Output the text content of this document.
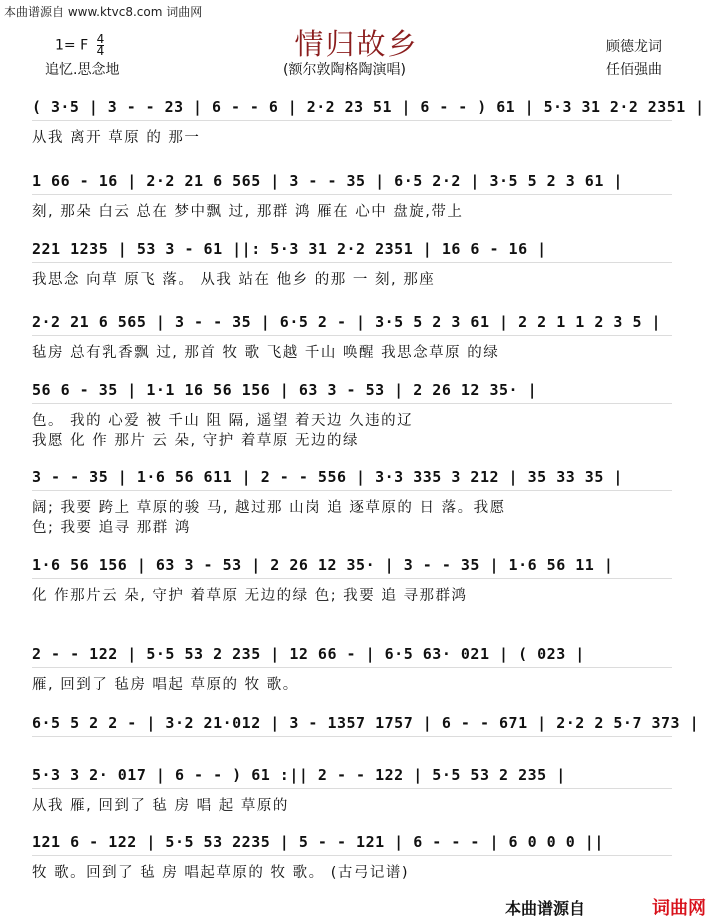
本曲谱源自 www.ktvc8.com 词曲网
情归故乡
1= F $\frac{4}{4}$	顾德龙词
任佰强曲
追忆.思念地	(额尔敦陶格陶演唱)
( 3·5 | 3 - - 23 | 6 - - 6 | 2·2 23 51 | 6 - - ) 61 | 5·3 31 2·2 2351 |
从我 离开 草原 的 那一
1 66 - 16 | 2·2 21 6 565 | 3 - - 35 | 6·5 2·2 | 3·5 5 2 3 61 |
刻, 那朵 白云 总在 梦中飘 过, 那群 鸿 雁在 心中 盘旋,带上
221 1235 | 53 3 - 61 ||: 5·3 31 2·2 2351 | 16 6 - 16 |
我思念 向草 原飞 落。 从我 站在 他乡 的那 一 刻, 那座
2·2 21 6 565 | 3 - - 35 | 6·5 2 - | 3·5 5 2 3 61 | 2 2 1 1 2 3 5 |
毡房 总有乳香飘 过, 那首 牧 歌 飞越 千山 唤醒 我思念草原 的绿
56 6 - 35 | 1·1 16 56 156 | 63 3 - 53 | 2 26 12 35· |
色。 我的 心爱 被 千山 阻 隔, 遥望 着天边 久违的辽
我愿 化 作 那片 云 朵, 守护 着草原 无边的绿
3 - - 35 | 1·6 56 611 | 2 - - 556 | 3·3 335 3 212 | 35 33 35 |
阔; 我要 跨上 草原的骏 马, 越过那 山岗 追 逐草原的 日 落。我愿
色; 我要 追寻 那群 鸿
1·6 56 156 | 63 3 - 53 | 2 26 12 35· | 3 - - 35 | 1·6 56 11 |
化 作那片云 朵, 守护 着草原 无边的绿 色; 我要 追 寻那群鸿
2 - - 122 | 5·5 53 2 235 | 12 66 - | 6·5 63· 021 | ( 023 |
雁, 回到了 毡房 唱起 草原的 牧 歌。
6·5 5 2 2 - | 3·2 21·012 | 3 - 1357 1757 | 6 - - 671 | 2·2 2 5·7 373 |
5·3 3 2· 017 | 6 - - ) 61 :|| 2 - - 122 | 5·5 53 2 235 |
从我 雁, 回到了 毡 房 唱 起 草原的
121 6 - 122 | 5·5 53 2235 | 5 - - 121 | 6 - - - | 6 0 0 0 ||
牧 歌。回到了 毡 房 唱起草原的 牧 歌。 (古弓记谱)
本曲谱源自	词曲网
